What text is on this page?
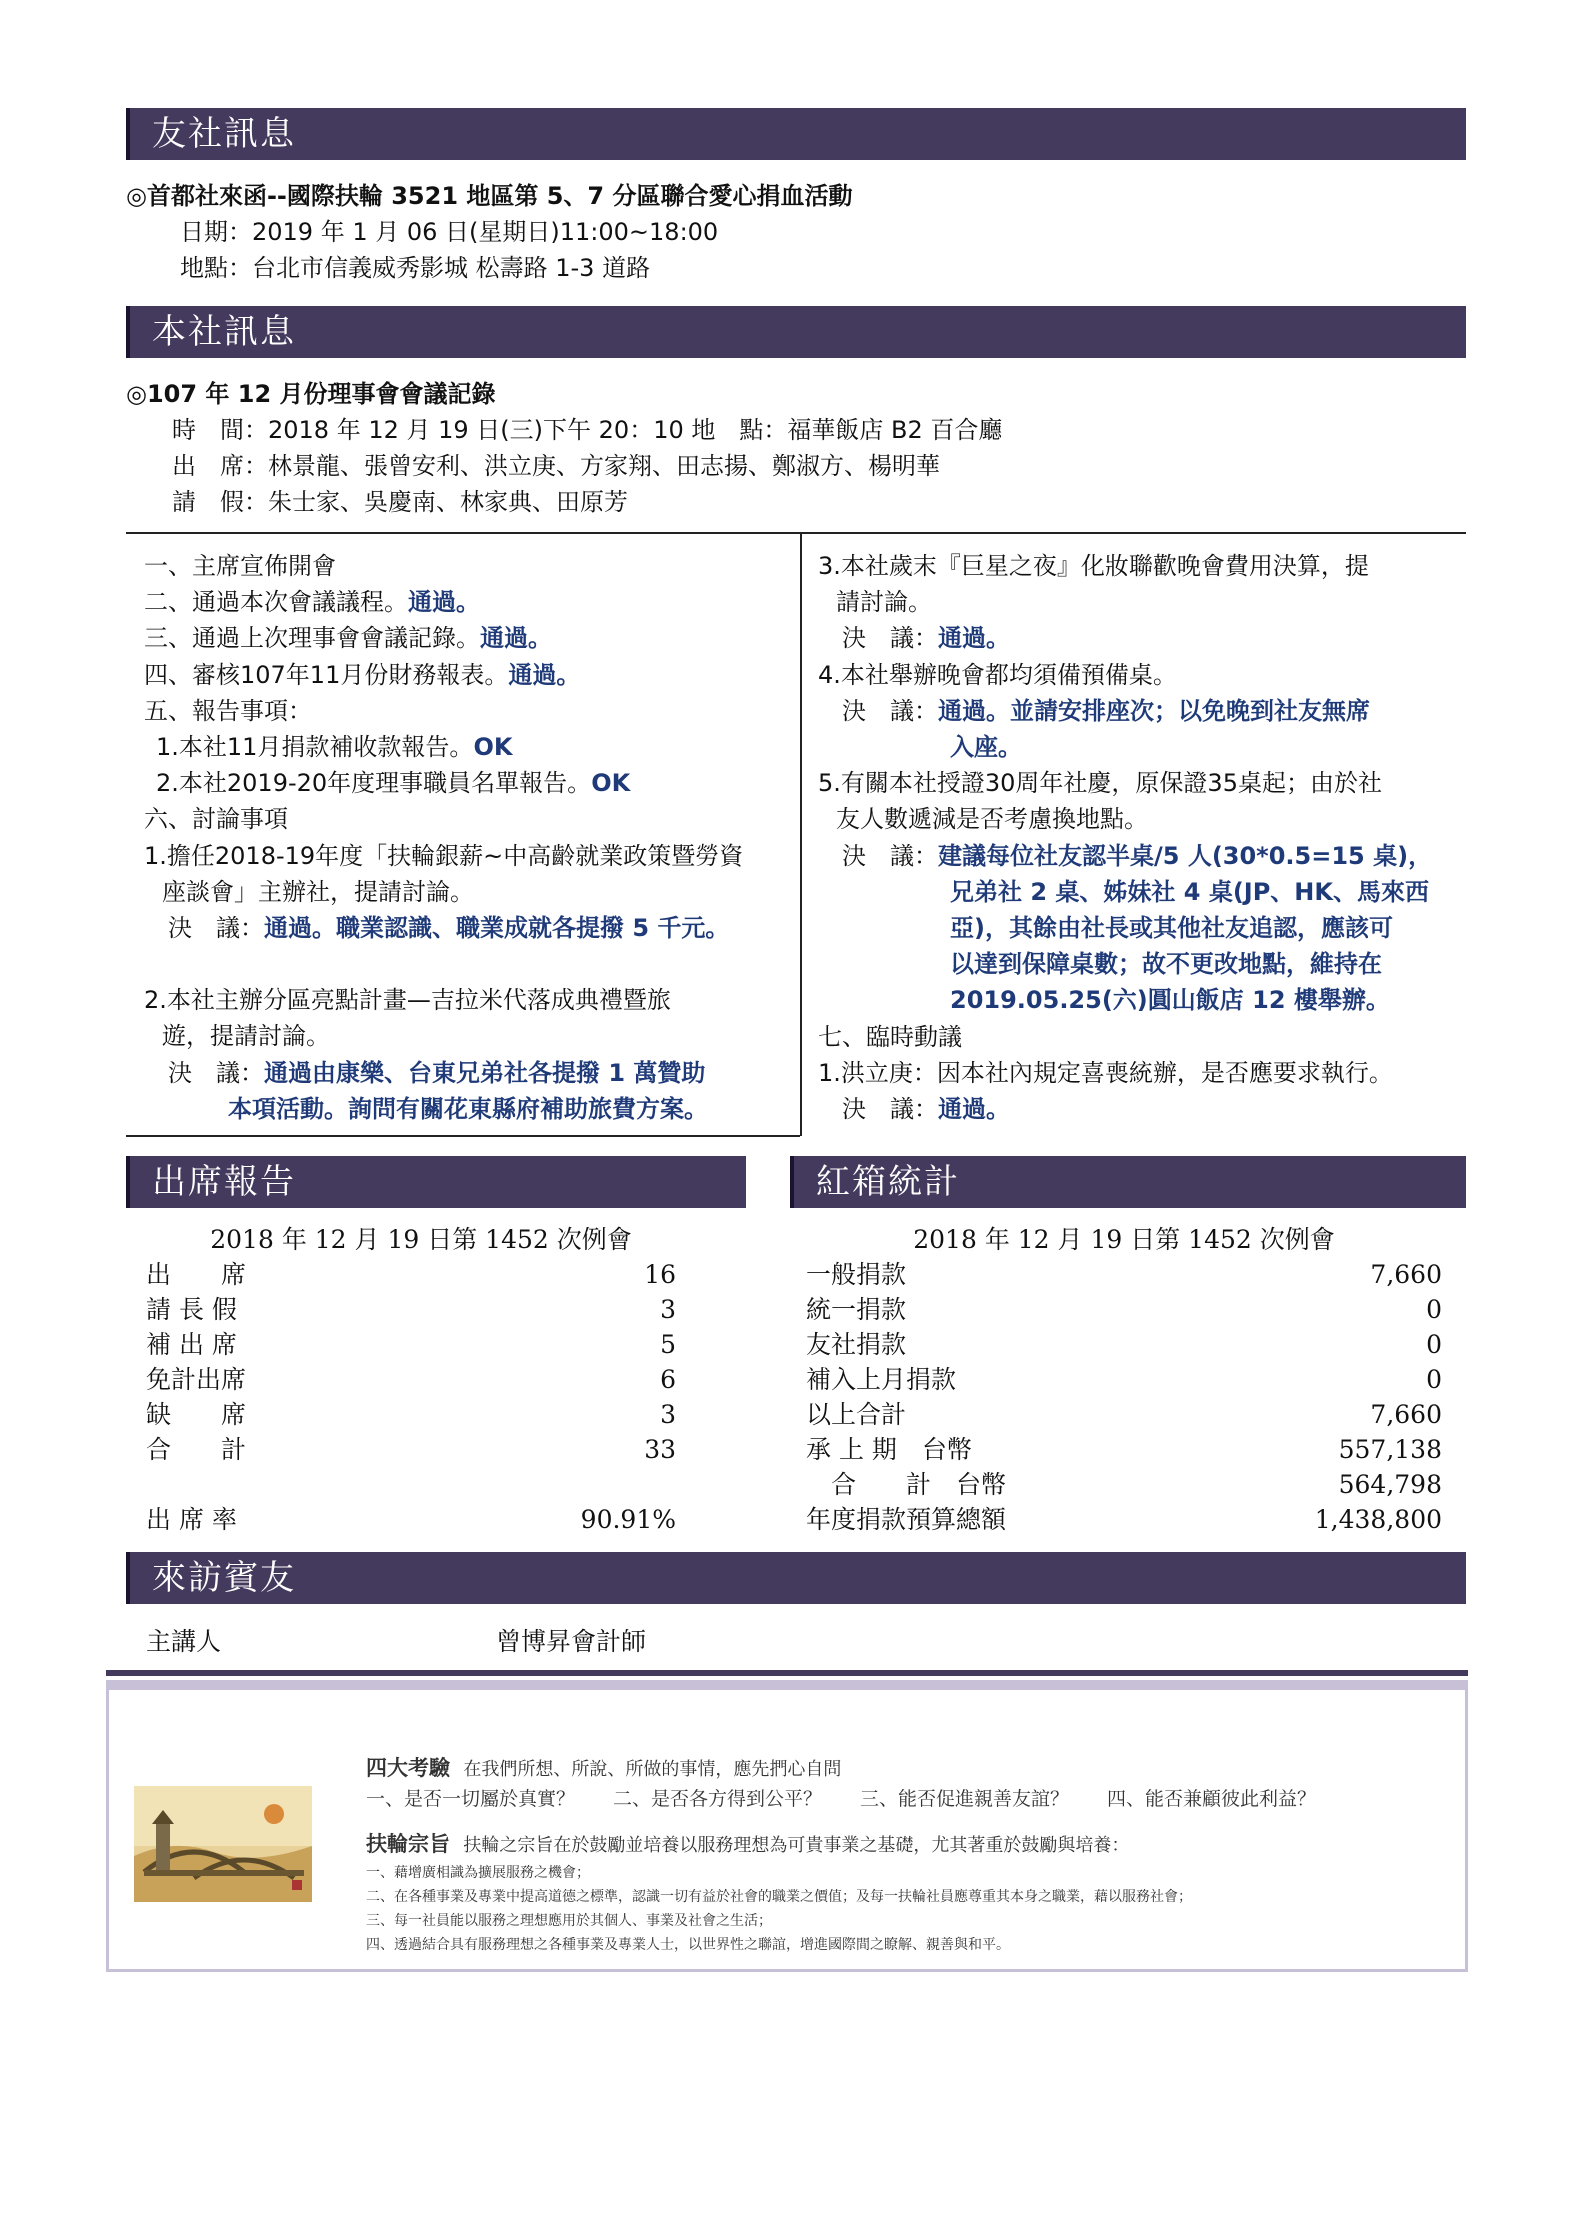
友社訊息
◎首都社來函--國際扶輪 3521 地區第 5、7 分區聯合愛心捐血活動
日期：2019 年 1 月 06 日(星期日)11:00~18:00
地點：台北市信義威秀影城 松壽路 1-3 道路
本社訊息
◎107 年 12 月份理事會會議記錄
時　間：2018 年 12 月 19 日(三)下午 20：10 地　點：福華飯店 B2 百合廳
出　席：林景龍、張曾安利、洪立庚、方家翔、田志揚、鄭淑方、楊明華
請　假：朱士家、吳慶南、林家典、田原芳
一、主席宣佈開會
二、通過本次會議議程。通過。
三、通過上次理事會會議記錄。通過。
四、審核107年11月份財務報表。通過。
五、報告事項：
1.本社11月捐款補收款報告。OK
2.本社2019-20年度理事職員名單報告。OK
六、討論事項
1.擔任2018-19年度「扶輪銀薪~中高齡就業政策暨勞資
座談會」主辦社，提請討論。
決　議：通過。職業認識、職業成就各提撥 5 千元。
2.本社主辦分區亮點計畫—吉拉米代落成典禮暨旅
遊，提請討論。
決　議：通過由康樂、台東兄弟社各提撥 1 萬贊助
本項活動。詢問有關花東縣府補助旅費方案。
3.本社歲末『巨星之夜』化妝聯歡晚會費用決算，提
請討論。
決　議：通過。
4.本社舉辦晚會都均須備預備桌。
決　議：通過。並請安排座次；以免晚到社友無席
入座。
5.有關本社授證30周年社慶，原保證35桌起；由於社
友人數遞減是否考慮換地點。
決　議：建議每位社友認半桌/5 人(30*0.5=15 桌)，
兄弟社 2 桌、姊妹社 4 桌(JP、HK、馬來西
亞)，其餘由社長或其他社友追認，應該可
以達到保障桌數；故不更改地點，維持在
2019.05.25(六)圓山飯店 12 樓舉辦。
七、臨時動議
1.洪立庚：因本社內規定喜喪統辦，是否應要求執行。
決　議：通過。
出席報告	紅箱統計
2018 年 12 月 19 日第 1452 次例會
出　　席	16
請 長 假	3
補 出 席	5
免計出席	6
缺　　席	3
合　　計	33
出 席 率	90.91%
2018 年 12 月 19 日第 1452 次例會
一般捐款	7,660
統一捐款	0
友社捐款	0
補入上月捐款	0
以上合計	7,660
承 上 期　台幣	557,138
　合　　計　台幣	564,798
年度捐款預算總額	1,438,800
來訪賓友
主講人	曾博昇會計師
四大考驗 在我們所想、所說、所做的事情，應先捫心自問
一、是否一切屬於真實？　　二、是否各方得到公平？　　三、能否促進親善友誼？　　四、能否兼顧彼此利益？
扶輪宗旨 扶輪之宗旨在於鼓勵並培養以服務理想為可貴事業之基礎，尤其著重於鼓勵與培養：
一、藉增廣相識為擴展服務之機會；
二、在各種事業及專業中提高道德之標準，認識一切有益於社會的職業之價值；及每一扶輪社員應尊重其本身之職業，藉以服務社會；
三、每一社員能以服務之理想應用於其個人、事業及社會之生活；
四、透過結合具有服務理想之各種事業及專業人士，以世界性之聯誼，增進國際間之瞭解、親善與和平。
